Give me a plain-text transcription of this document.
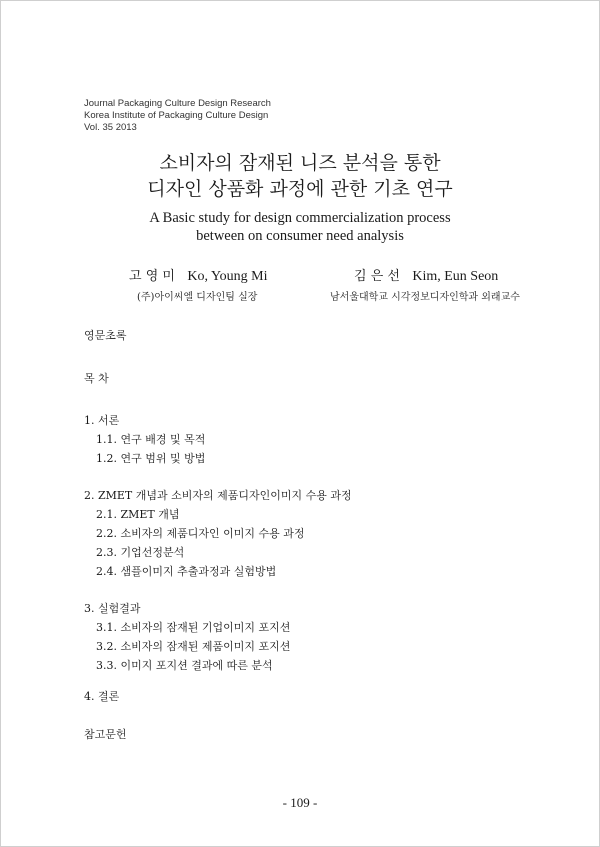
Journal Packaging Culture Design Research
Korea Institute of Packaging Culture Design
Vol. 35 2013
소비자의 잠재된 니즈 분석을 통한
디자인 상품화 과정에 관한 기초 연구
A Basic study for design commercialization process
between on consumer need analysis
고 영 미 Ko, Young Mi
(주)아이씨엘 디자인팀 실장
김 은 선 Kim, Eun Seon
남서울대학교 시각정보디자인학과 외래교수
영문초록
목 차
1. 서론
1.1. 연구 배경 및 목적
1.2. 연구 범위 및 방법
2. ZMET 개념과 소비자의 제품디자인이미지 수용 과정
2.1. ZMET 개념
2.2. 소비자의 제품디자인 이미지 수용 과정
2.3. 기업선정분석
2.4. 샘플이미지 추출과정과 실험방법
3. 실험결과
3.1. 소비자의 잠재된 기업이미지 포지션
3.2. 소비자의 잠재된 제품이미지 포지션
3.3. 이미지 포지션 결과에 따른 분석
4. 결론
참고문헌
- 109 -
